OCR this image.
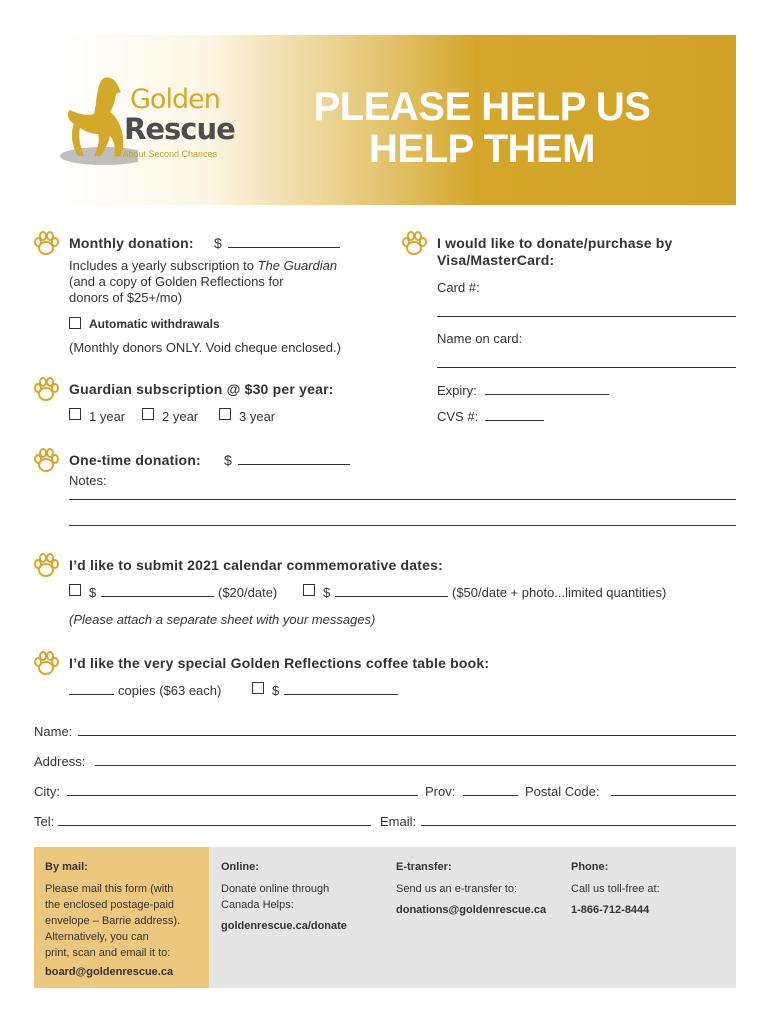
Golden
Rescue
...About Second Chances
PLEASE HELP US
HELP THEM
Monthly donation: $
Includes a yearly subscription to The Guardian
(and a copy of Golden Reflections for
donors of $25+/mo)
Automatic withdrawals
(Monthly donors ONLY. Void cheque enclosed.)
I would like to donate/purchase by
Visa/MasterCard:
Card #:
Name on card:
Expiry:
CVS #:
Guardian subscription @ $30 per year:
1 year	2 year	3 year
One-time donation: $
Notes:
I’d like to submit 2021 calendar commemorative dates:
$	($20/date)	$	($50/date + photo...limited quantities)
(Please attach a separate sheet with your messages)
I’d like the very special Golden Reflections coffee table book:
copies ($63 each)	$
Name:
Address:
City:	Prov:	Postal Code:
Tel:	Email:
By mail:
Please mail this form (with
the enclosed postage-paid
envelope – Barrie address).
Alternatively, you can
print, scan and email it to:
board@goldenrescue.ca
Online:
Donate online through
Canada Helps:
goldenrescue.ca/donate
E-transfer:
Send us an e-transfer to:
donations@goldenrescue.ca
Phone:
Call us toll-free at:
1-866-712-8444
